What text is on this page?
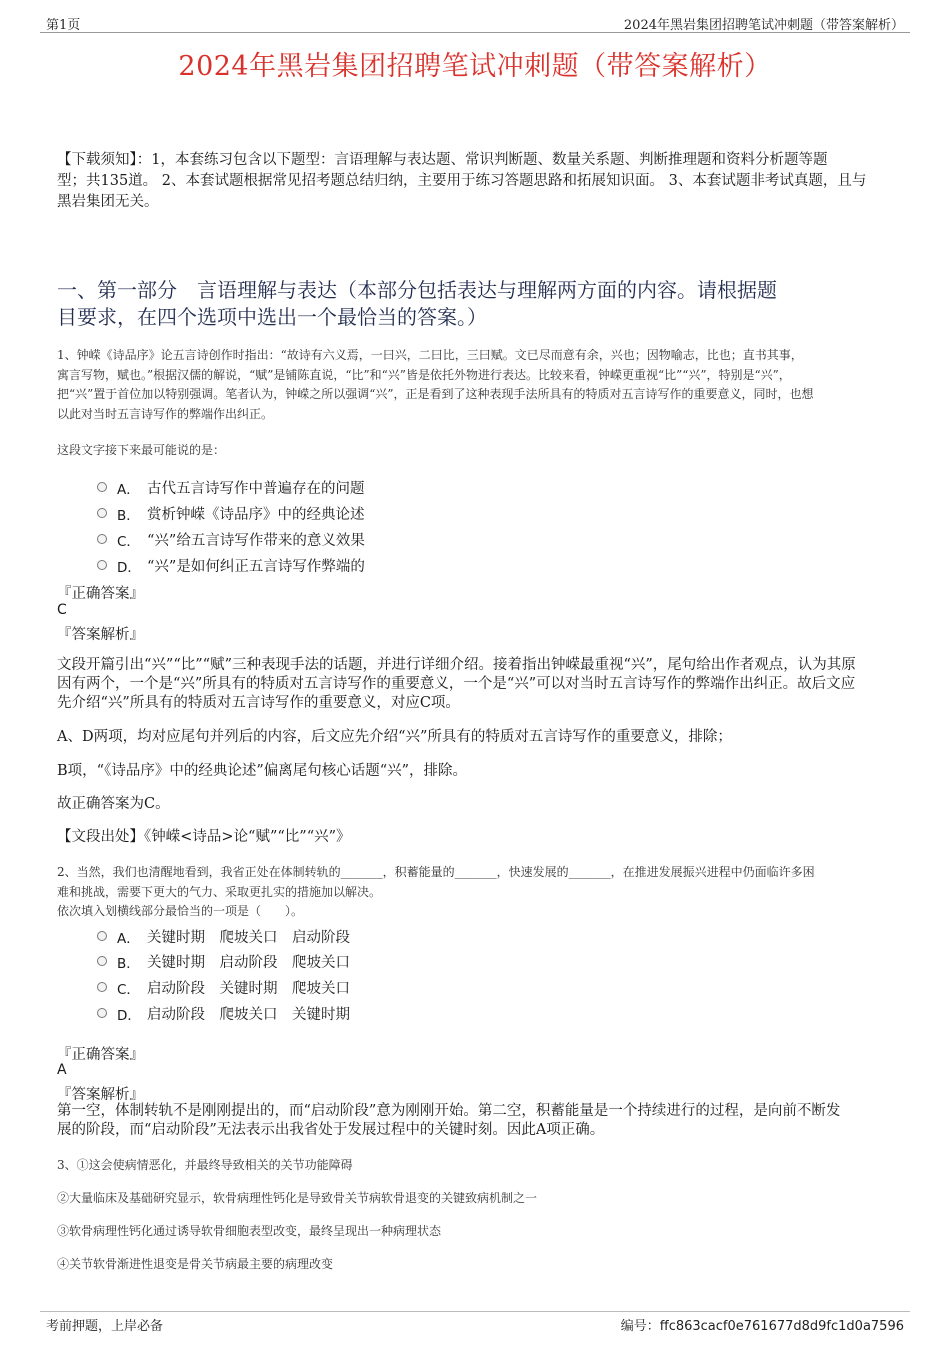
第1页	2024年黑岩集团招聘笔试冲刺题（带答案解析）
2024年黑岩集团招聘笔试冲刺题（带答案解析）
【下载须知】：1，本套练习包含以下题型：言语理解与表达题、常识判断题、数量关系题、判断推理题和资料分析题等题
型；共135道。 2、本套试题根据常见招考题总结归纳，主要用于练习答题思路和拓展知识面。 3、本套试题非考试真题，且与
黑岩集团无关。
一、第一部分　言语理解与表达（本部分包括表达与理解两方面的内容。请根据题
目要求，在四个选项中选出一个最恰当的答案。）
1、钟嵘《诗品序》论五言诗创作时指出：“故诗有六义焉，一曰兴，二曰比，三曰赋。文已尽而意有余，兴也；因物喻志，比也；直书其事，
寓言写物，赋也。”根据汉儒的解说，“赋”是铺陈直说，“比”和“兴”皆是依托外物进行表达。比较来看，钟嵘更重视“比”“兴”，特别是“兴”，
把“兴”置于首位加以特别强调。笔者认为，钟嵘之所以强调“兴”，正是看到了这种表现手法所具有的特质对五言诗写作的重要意义，同时，也想
以此对当时五言诗写作的弊端作出纠正。
这段文字接下来最可能说的是：
A． 古代五言诗写作中普遍存在的问题
B． 赏析钟嵘《诗品序》中的经典论述
C． “兴”给五言诗写作带来的意义效果
D． “兴”是如何纠正五言诗写作弊端的
『正确答案』
C
『答案解析』
文段开篇引出“兴”“比”“赋”三种表现手法的话题，并进行详细介绍。接着指出钟嵘最重视“兴”，尾句给出作者观点，认为其原
因有两个，一个是“兴”所具有的特质对五言诗写作的重要意义，一个是“兴”可以对当时五言诗写作的弊端作出纠正。故后文应
先介绍“兴”所具有的特质对五言诗写作的重要意义，对应C项。
A、D两项，均对应尾句并列后的内容，后文应先介绍“兴”所具有的特质对五言诗写作的重要意义，排除；
B项，“《诗品序》中的经典论述”偏离尾句核心话题“兴”，排除。
故正确答案为C。
【文段出处】《钟嵘<诗品>论“赋”“比”“兴”》
2、当然，我们也清醒地看到，我省正处在体制转轨的_______，积蓄能量的_______，快速发展的_______，在推进发展振兴进程中仍面临许多困
难和挑战，需要下更大的气力、采取更扎实的措施加以解决。
依次填入划横线部分最恰当的一项是（　　）。
A． 关键时期　爬坡关口　启动阶段
B． 关键时期　启动阶段　爬坡关口
C． 启动阶段　关键时期　爬坡关口
D． 启动阶段　爬坡关口　关键时期
『正确答案』
A
『答案解析』
第一空，体制转轨不是刚刚提出的，而“启动阶段”意为刚刚开始。第二空，积蓄能量是一个持续进行的过程，是向前不断发
展的阶段，而“启动阶段”无法表示出我省处于发展过程中的关键时刻。因此A项正确。
3、①这会使病情恶化，并最终导致相关的关节功能障碍
②大量临床及基础研究显示，软骨病理性钙化是导致骨关节病软骨退变的关键致病机制之一
③软骨病理性钙化通过诱导软骨细胞表型改变，最终呈现出一种病理状态
④关节软骨渐进性退变是骨关节病最主要的病理改变
考前押题，上岸必备	编号：ffc863cacf0e761677d8d9fc1d0a7596
